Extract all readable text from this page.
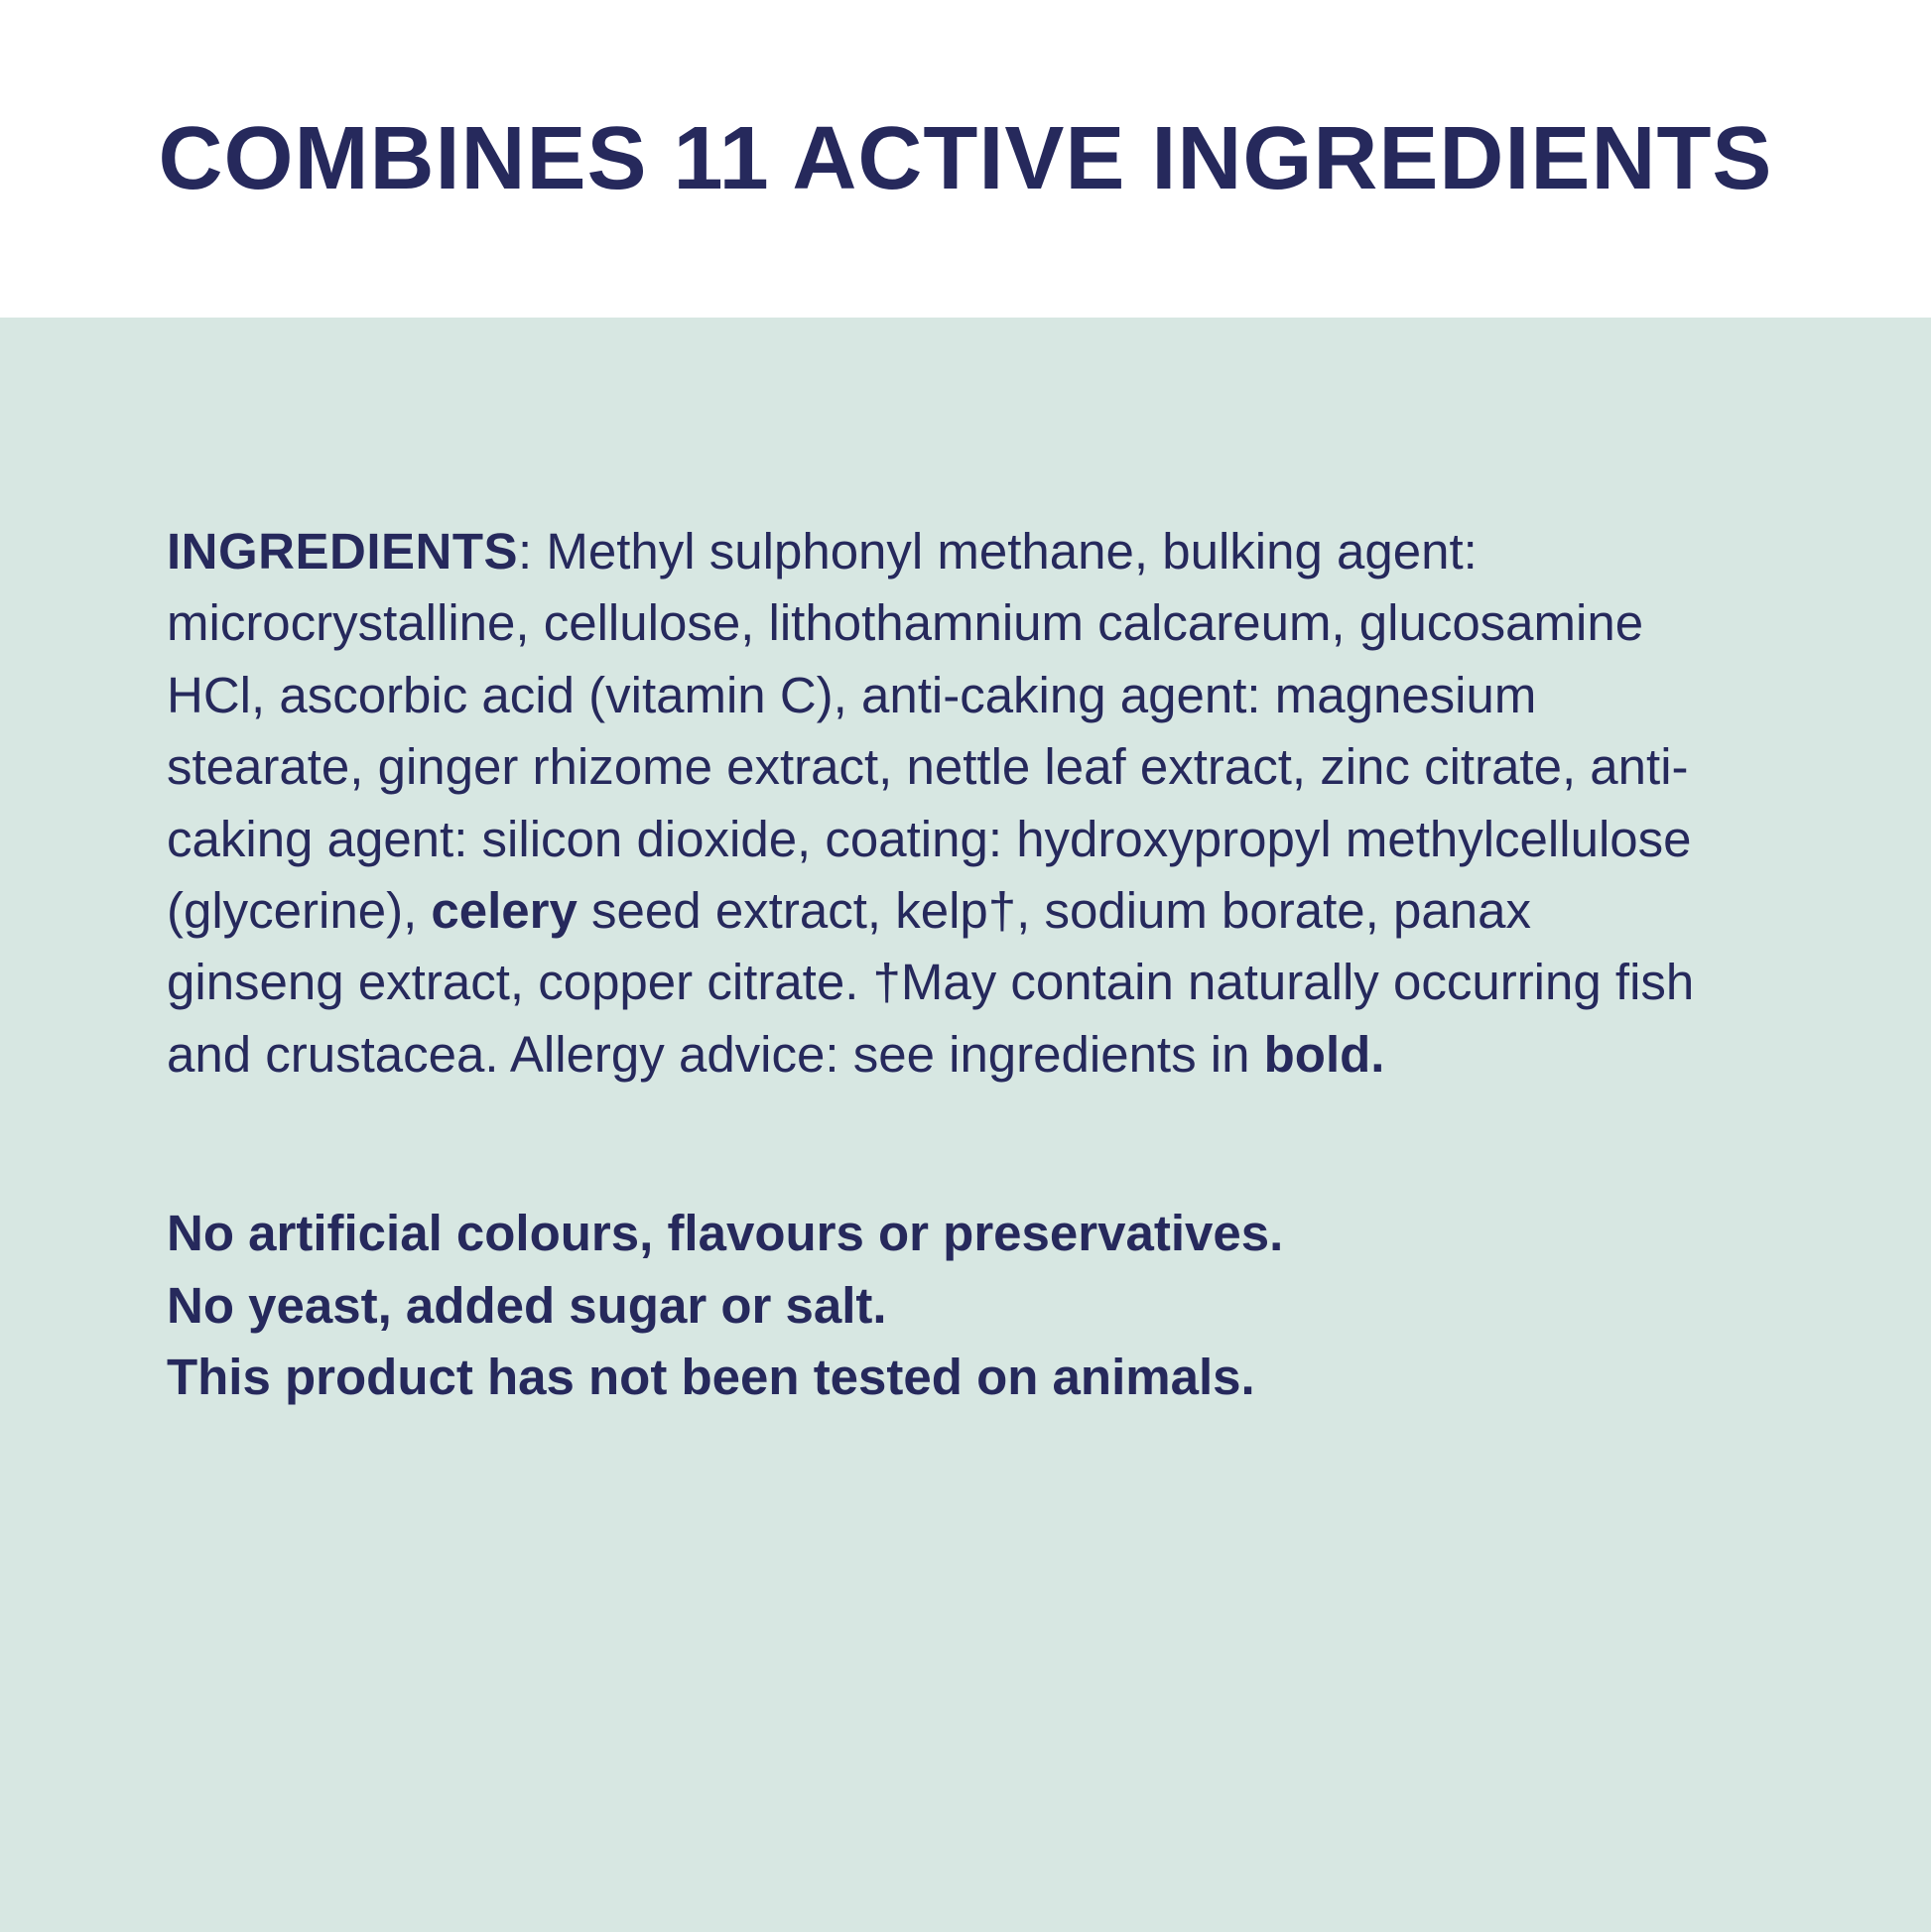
COMBINES 11 ACTIVE INGREDIENTS

INGREDIENTS: Methyl sulphonyl methane, bulking agent: microcrystalline, cellulose, lithothamnium calcareum, glucosamine HCl, ascorbic acid (vitamin C), anti-caking agent: magnesium stearate, ginger rhizome extract, nettle leaf extract, zinc citrate, anti-caking agent: silicon dioxide, coating: hydroxypropyl methylcellulose (glycerine), celery seed extract, kelp†, sodium borate, panax ginseng extract, copper citrate. †May contain naturally occurring fish and crustacea. Allergy advice: see ingredients in bold.

No artificial colours, flavours or preservatives.

No yeast, added sugar or salt.

This product has not been tested on animals.
